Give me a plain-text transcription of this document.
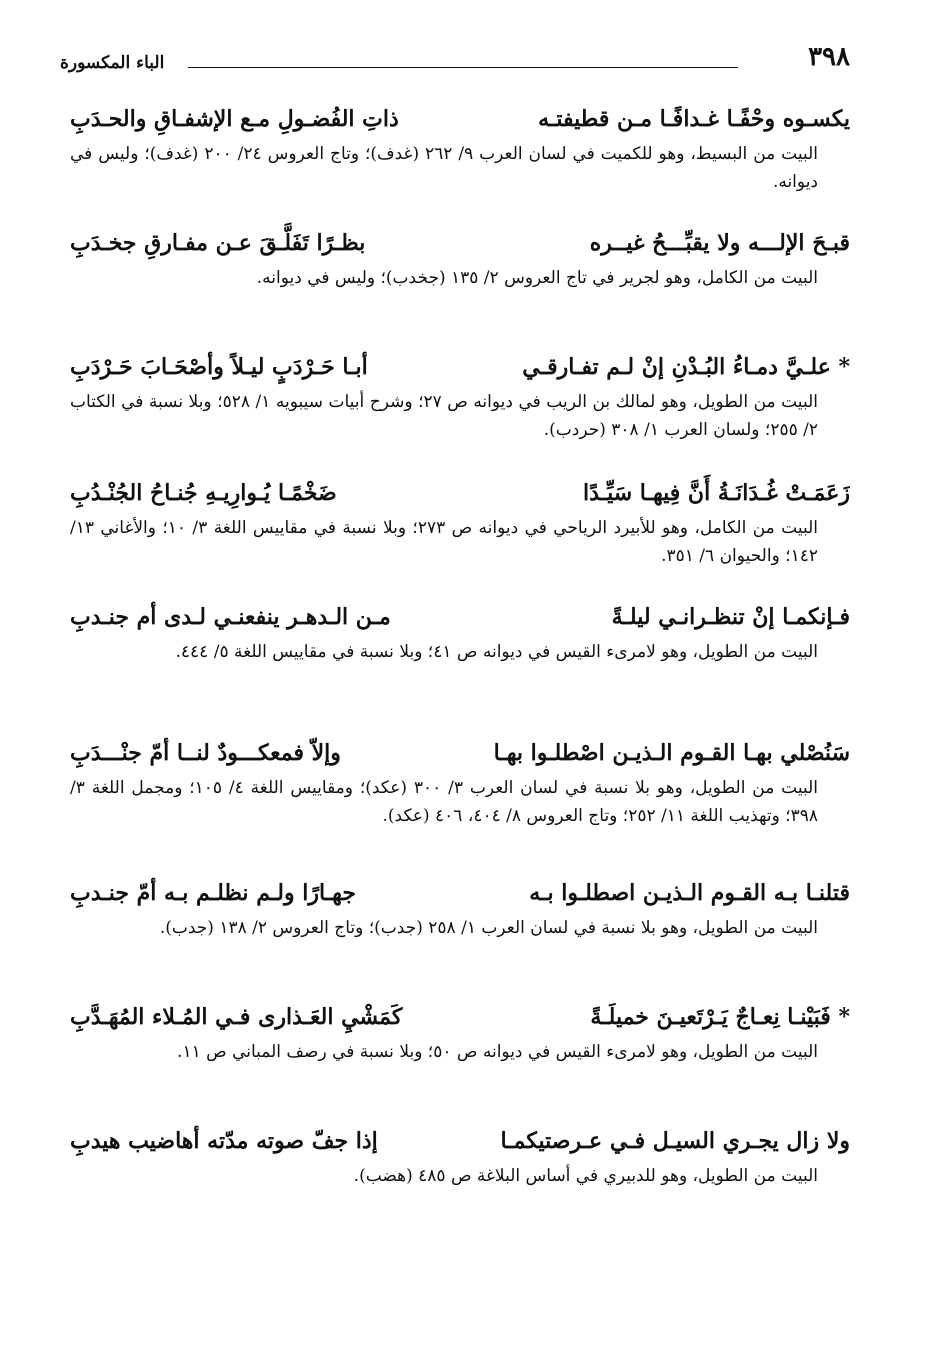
٣٩٨
الباء المكسورة
يكسـوه وحْفًـا غـدافًـا مـن قطيفتـه
ذاتِ الفُضـولِ مـع الإشفـاقِ والحـدَبِ

البيت من البسيط، وهو للكميت في لسان العرب ٩/ ٢٦٢ (غدف)؛ وتاج العروس ٢٤/ ٢٠٠ (غدف)؛ وليس في ديوانه.

قبـحَ الإلـــه ولا يقبِّـــحُ غيــره
بظـرًا تَفَلَّـقَ عـن مفـارقِ جخـدَبِ

البيت من الكامل، وهو لجرير في تاج العروس ٢/ ١٣٥ (جخدب)؛ وليس في ديوانه.

* علـيَّ دمـاءُ البُـدْنِ إنْ لـم تفـارقـي
أبـا حَـرْدَبٍ ليـلاً وأصْحَـابَ حَـرْدَبِ

البيت من الطويل، وهو لمالك بن الريب في ديوانه ص ٢٧؛ وشرح أبيات سيبويه ١/ ٥٢٨؛ وبلا نسبة في الكتاب ٢/ ٢٥٥؛ ولسان العرب ١/ ٣٠٨ (حردب).

زَعَمَـتْ غُـدَانَـةُ أَنَّ فِيهـا سَيِّـدًا
ضَخْمًـا يُـوارِيـهِ جُنـاحُ الجُنْـدُبِ

البيت من الكامل، وهو للأبيرد الرياحي في ديوانه ص ٢٧٣؛ وبلا نسبة في مقاييس اللغة ٣/ ١٠؛ والأغاني ١٣/ ١٤٢؛ والحيوان ٦/ ٣٥١.

فـإنكمـا إنْ تنظـرانـي ليلـةً
مـن الـدهـر ينفعنـي لـدى أم جنـدبِ

البيت من الطويل، وهو لامرىء القيس في ديوانه ص ٤١؛ وبلا نسبة في مقاييس اللغة ٥/ ٤٤٤.

سَنُصْلي بهـا القـوم الـذيـن اصْطلـوا بهـا
وإلاّ فمعكـــودٌ لنــا أمّ جنْـــدَبِ

البيت من الطويل، وهو بلا نسبة في لسان العرب ٣/ ٣٠٠ (عكد)؛ ومقاييس اللغة ٤/ ١٠٥؛ ومجمل اللغة ٣/ ٣٩٨؛ وتهذيب اللغة ١١/ ٢٥٢؛ وتاج العروس ٨/ ٤٠٤، ٤٠٦ (عكد).

قتلنـا بـه القـوم الـذيـن اصطلـوا بـه
جهـارًا ولـم نظلـم بـه أمّ جنـدبِ

البيت من الطويل، وهو بلا نسبة في لسان العرب ١/ ٢٥٨ (جدب)؛ وتاج العروس ٢/ ١٣٨ (جدب).

* فَبَيْنـا نِعـاجٌ يَـرْتَعيـنَ خميلَـةً
كَمَشْيِ العَـذارى فـي المُـلاء المُهَـدَّبِ

البيت من الطويل، وهو لامرىء القيس في ديوانه ص ٥٠؛ وبلا نسبة في رصف المباني ص ١١.

ولا زال يجـري السيـل فـي عـرصتيكمـا
إذا جفّ صوته مدّته أهاضيب هيدبِ

البيت من الطويل، وهو للدبيري في أساس البلاغة ص ٤٨٥ (هضب).
